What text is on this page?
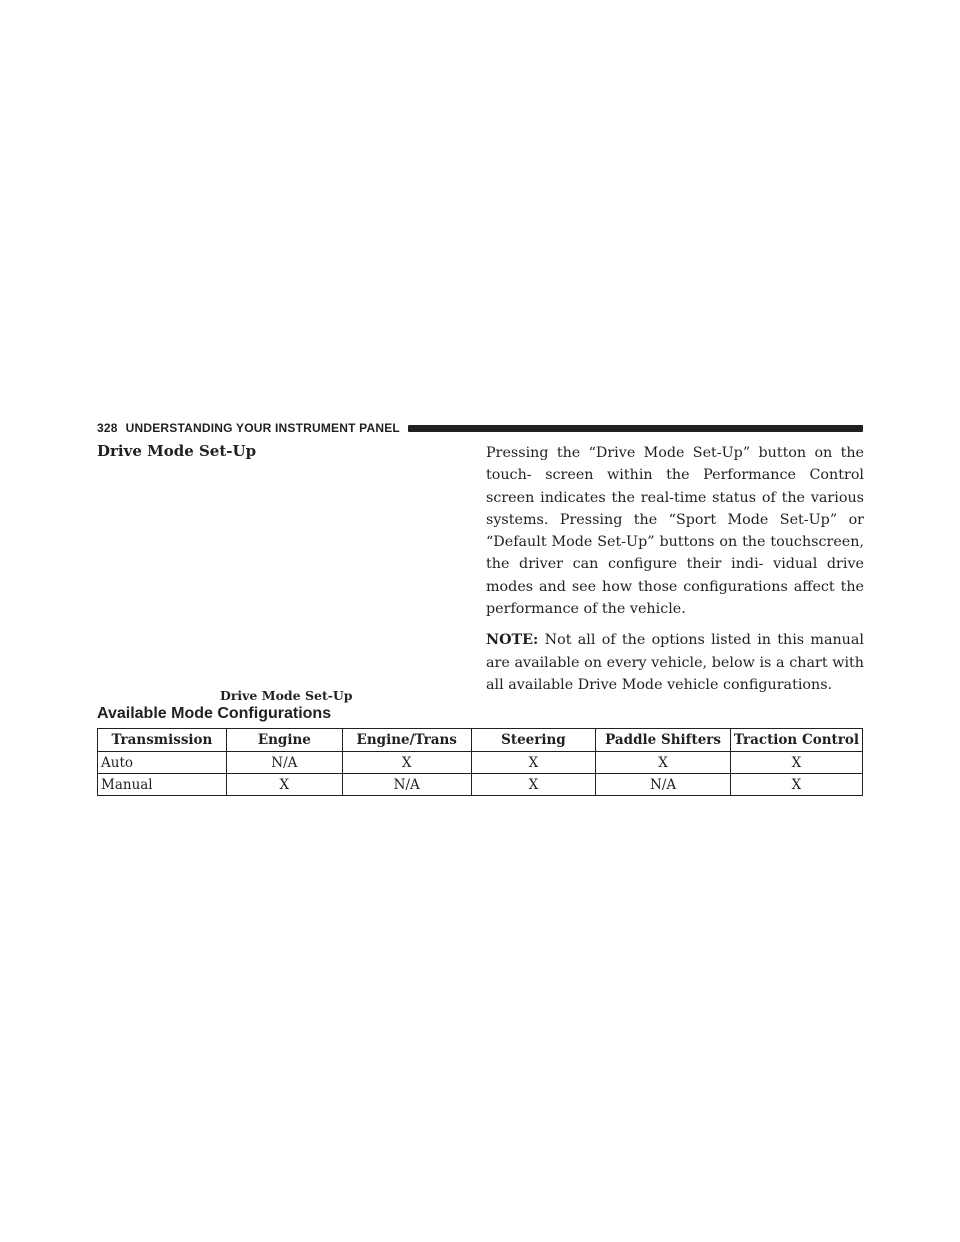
328 UNDERSTANDING YOUR INSTRUMENT PANEL
Drive Mode Set-Up	Pressing the “Drive Mode Set-Up” button on the touch- screen within the Performance Control screen indicates the real-time status of the various systems. Pressing the “Sport Mode Set-Up” or “Default Mode Set-Up” buttons on the touchscreen, the driver can configure their indi- vidual drive modes and see how those configurations affect the performance of the vehicle.

NOTE: Not all of the options listed in this manual are available on every vehicle, below is a chart with all available Drive Mode vehicle configurations.

Drive Mode Set-Up

Available Mode Configurations
Transmission	Engine	Engine/Trans	Steering	Paddle Shifters	Traction Control
Auto	N/A	X	X	X	X
Manual	X	N/A	X	N/A	X
